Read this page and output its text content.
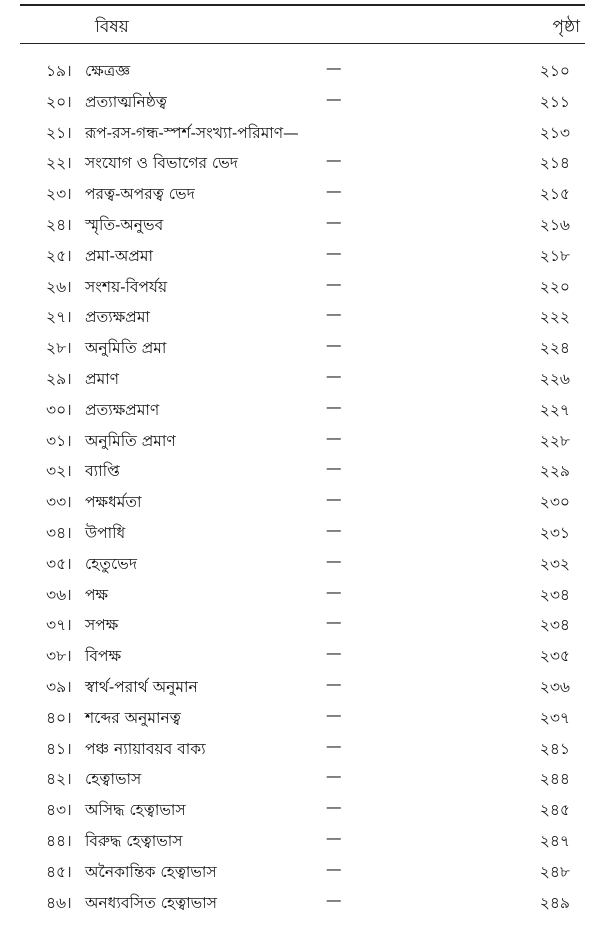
বিষয়	পৃষ্ঠা
১৯। ক্ষেত্রজ্ঞ	—	২১০
২০। প্রত্যাত্মনিষ্ঠত্ব	—	২১১
২১। রূপ-রস-গন্ধ-স্পর্শ-সংখ্যা-পরিমাণ—	২১৩
২২। সংযোগ ও বিভাগের ভেদ	—	২১৪
২৩। পরত্ব-অপরত্ব ভেদ	—	২১৫
২৪। স্মৃতি-অনুভব	—	২১৬
২৫। প্রমা-অপ্রমা	—	২১৮
২৬। সংশয়-বিপর্যয়	—	২২০
২৭। প্রত্যক্ষপ্রমা	—	২২২
২৮। অনুমিতি প্রমা	—	২২৪
২৯। প্রমাণ	—	২২৬
৩০। প্রত্যক্ষপ্রমাণ	—	২২৭
৩১। অনুমিতি প্রমাণ	—	২২৮
৩২। ব্যাপ্তি	—	২২৯
৩৩। পক্ষধর্মতা	—	২৩০
৩৪। উপাধি	—	২৩১
৩৫। হেতুভেদ	—	২৩২
৩৬। পক্ষ	—	২৩৪
৩৭। সপক্ষ	—	২৩৪
৩৮। বিপক্ষ	—	২৩৫
৩৯। স্বার্থ-পরার্থ অনুমান	—	২৩৬
৪০। শব্দের অনুমানত্ব	—	২৩৭
৪১। পঞ্চ ন্যায়াবয়ব বাক্য	—	২৪১
৪২। হেত্বাভাস	—	২৪৪
৪৩। অসিদ্ধ হেত্বাভাস	—	২৪৫
৪৪। বিরুদ্ধ হেত্বাভাস	—	২৪৭
৪৫। অনৈকান্তিক হেত্বাভাস	—	২৪৮
৪৬। অনধ্যবসিত হেত্বাভাস	—	২৪৯
